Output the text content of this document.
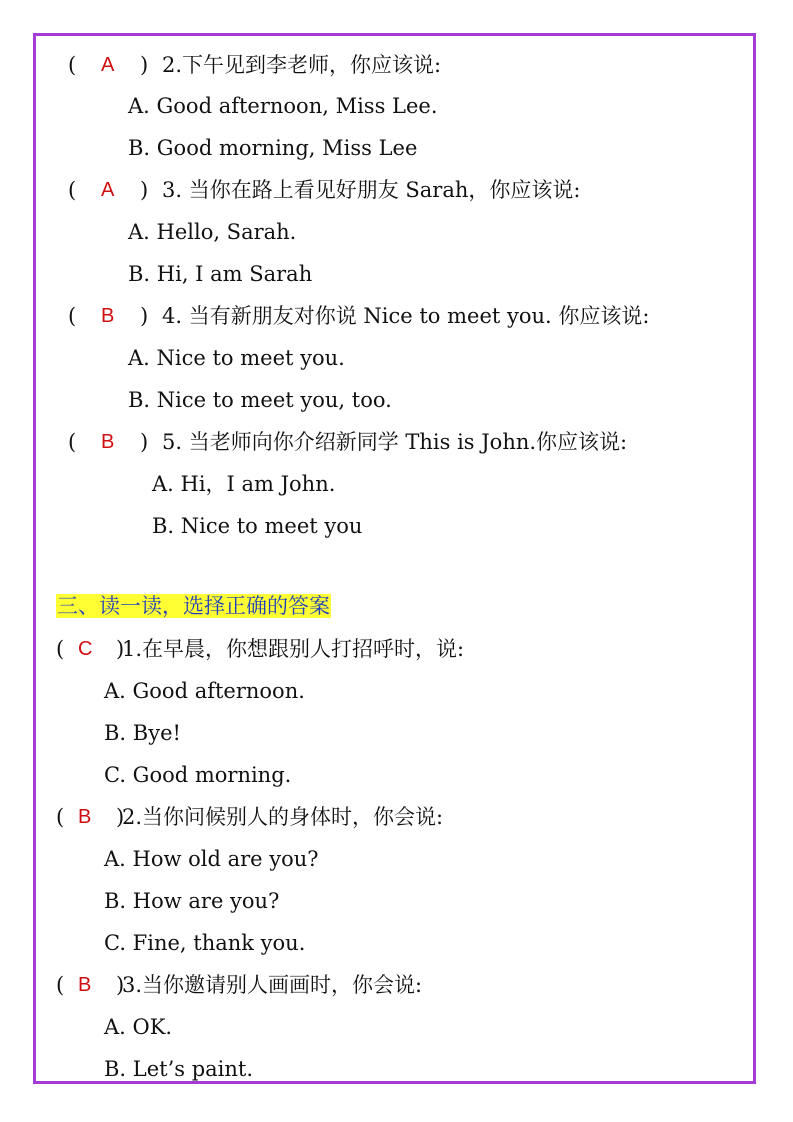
( A ) 2.下午见到李老师，你应该说:
A. Good afternoon, Miss Lee.
B. Good morning, Miss Lee
( A ) 3. 当你在路上看见好朋友 Sarah，你应该说:
A. Hello, Sarah.
B. Hi, I am Sarah
( B ) 4. 当有新朋友对你说 Nice to meet you. 你应该说:
A. Nice to meet you.
B. Nice to meet you, too.
( B ) 5. 当老师向你介绍新同学 This is John.你应该说:
A. Hi，I am John.
B. Nice to meet you
三、读一读，选择正确的答案
( C )
1.在早晨，你想跟别人打招呼时，说:
A. Good afternoon.
B. Bye!
C. Good morning.
( B )
2.当你问候别人的身体时，你会说:
A. How old are you?
B. How are you?
C. Fine, thank you.
( B )
3.当你邀请别人画画时，你会说:
A. OK.
B. Let’s paint.
